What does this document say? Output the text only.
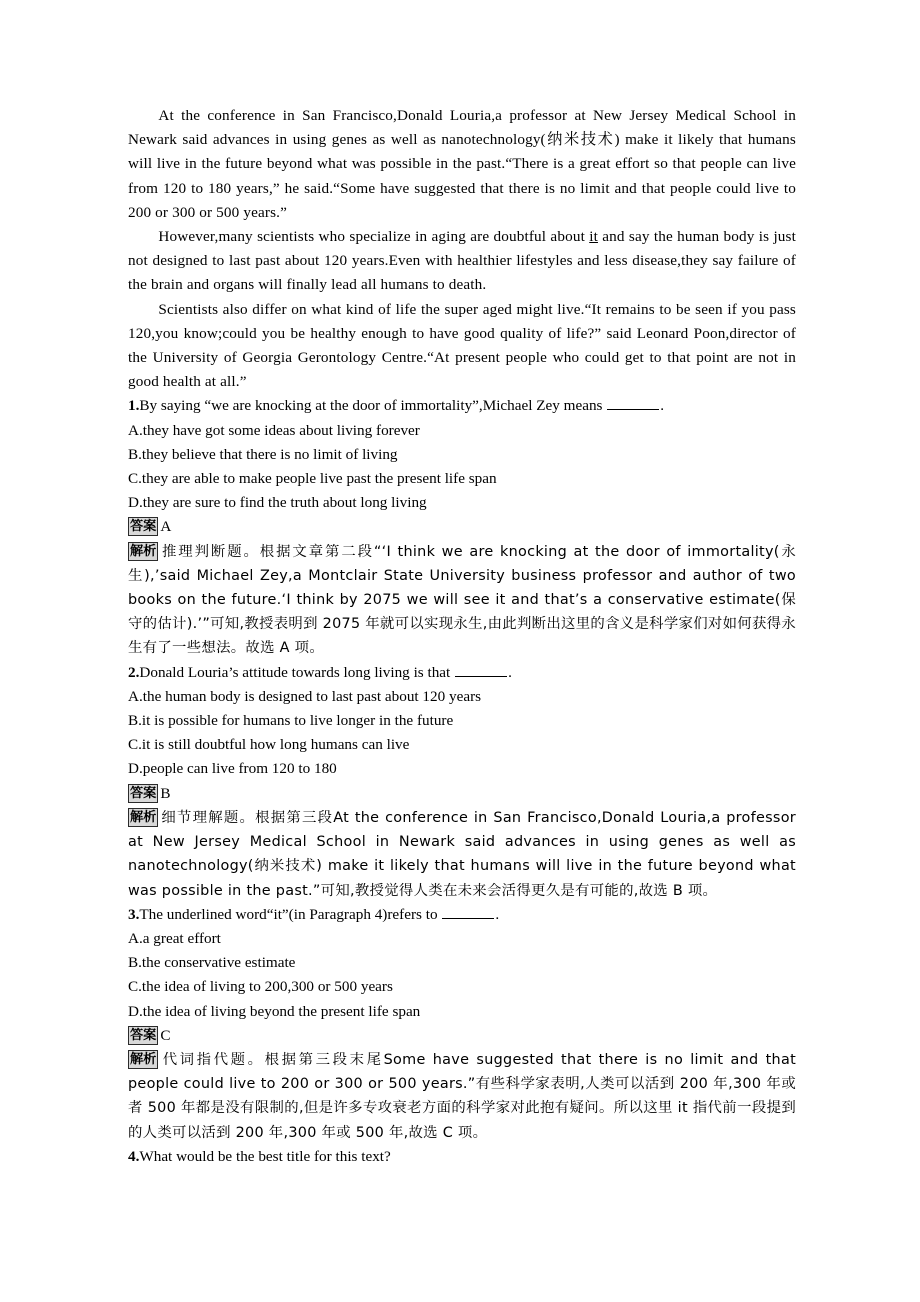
At the conference in San Francisco,Donald Louria,a professor at New Jersey Medical School in Newark said advances in using genes as well as nanotechnology(纳米技术) make it likely that humans will live in the future beyond what was possible in the past.“There is a great effort so that people can live from 120 to 180 years,” he said.“Some have suggested that there is no limit and that people could live to 200 or 300 or 500 years.”

However,many scientists who specialize in aging are doubtful about it and say the human body is just not designed to last past about 120 years.Even with healthier lifestyles and less disease,they say failure of the brain and organs will finally lead all humans to death.

Scientists also differ on what kind of life the super aged might live.“It remains to be seen if you pass 120,you know;could you be healthy enough to have good quality of life?” said Leonard Poon,director of the University of Georgia Gerontology Centre.“At present people who could get to that point are not in good health at all.”

1.By saying “we are knocking at the door of immortality”,Michael Zey means	.

A.they have got some ideas about living forever

B.they believe that there is no limit of living

C.they are able to make people live past the present life span

D.they are sure to find the truth about long living

答案 A

解析 推理判断题。根据文章第二段“‘I think we are knocking at the door of immortality(永生),’said Michael Zey,a Montclair State University business professor and author of two books on the future.‘I think by 2075 we will see it and that’s a conservative estimate(保守的估计).’”可知,教授表明到 2075 年就可以实现永生,由此判断出这里的含义是科学家们对如何获得永生有了一些想法。故选 A 项。

2.Donald Louria’s attitude towards long living is that	.

A.the human body is designed to last past about 120 years

B.it is possible for humans to live longer in the future

C.it is still doubtful how long humans can live

D.people can live from 120 to 180

答案 B

解析 细节理解题。根据第三段At the conference in San Francisco,Donald Louria,a professor at New Jersey Medical School in Newark said advances in using genes as well as nanotechnology(纳米技术) make it likely that humans will live in the future beyond what was possible in the past.”可知,教授觉得人类在未来会活得更久是有可能的,故选 B 项。

3.The underlined word“it”(in Paragraph 4)refers to	.

A.a great effort

B.the conservative estimate

C.the idea of living to 200,300 or 500 years

D.the idea of living beyond the present life span

答案 C

解析 代词指代题。根据第三段末尾Some have suggested that there is no limit and that people could live to 200 or 300 or 500 years.”有些科学家表明,人类可以活到 200 年,300 年或者 500 年都是没有限制的,但是许多专攻衰老方面的科学家对此抱有疑问。所以这里 it 指代前一段提到的人类可以活到 200 年,300 年或 500 年,故选 C 项。

4.What would be the best title for this text?
